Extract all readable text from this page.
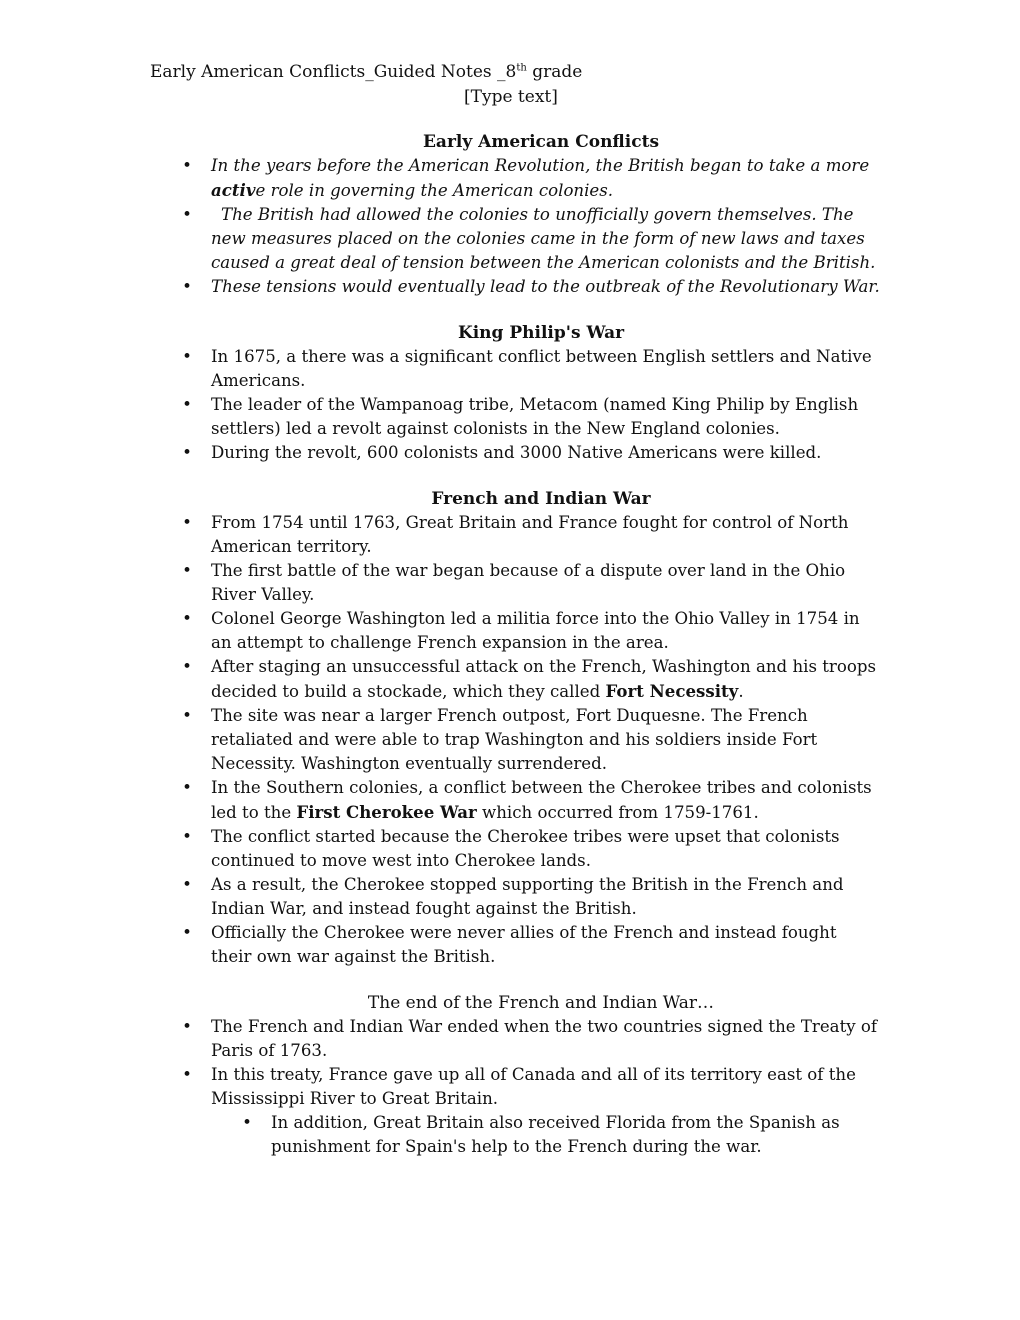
Early American Conflicts_Guided Notes _8th grade
[Type text]
Early American Conflicts
• In the years before the American Revolution, the British began to take a more active role in governing the American colonies.
• The British had allowed the colonies to unofficially govern themselves. The new measures placed on the colonies came in the form of new laws and taxes caused a great deal of tension between the American colonists and the British.
• These tensions would eventually lead to the outbreak of the Revolutionary War.
King Philip's War
• In 1675, a there was a significant conflict between English settlers and Native Americans.
• The leader of the Wampanoag tribe, Metacom (named King Philip by English settlers) led a revolt against colonists in the New England colonies.
• During the revolt, 600 colonists and 3000 Native Americans were killed.
French and Indian War
• From 1754 until 1763, Great Britain and France fought for control of North American territory.
• The first battle of the war began because of a dispute over land in the Ohio River Valley.
• Colonel George Washington led a militia force into the Ohio Valley in 1754 in an attempt to challenge French expansion in the area.
• After staging an unsuccessful attack on the French, Washington and his troops decided to build a stockade, which they called Fort Necessity.
• The site was near a larger French outpost, Fort Duquesne. The French retaliated and were able to trap Washington and his soldiers inside Fort Necessity. Washington eventually surrendered.
• In the Southern colonies, a conflict between the Cherokee tribes and colonists led to the First Cherokee War which occurred from 1759-1761.
• The conflict started because the Cherokee tribes were upset that colonists continued to move west into Cherokee lands.
• As a result, the Cherokee stopped supporting the British in the French and Indian War, and instead fought against the British.
• Officially the Cherokee were never allies of the French and instead fought their own war against the British.
The end of the French and Indian War…
• The French and Indian War ended when the two countries signed the Treaty of Paris of 1763.
• In this treaty, France gave up all of Canada and all of its territory east of the Mississippi River to Great Britain.
• In addition, Great Britain also received Florida from the Spanish as punishment for Spain's help to the French during the war.
